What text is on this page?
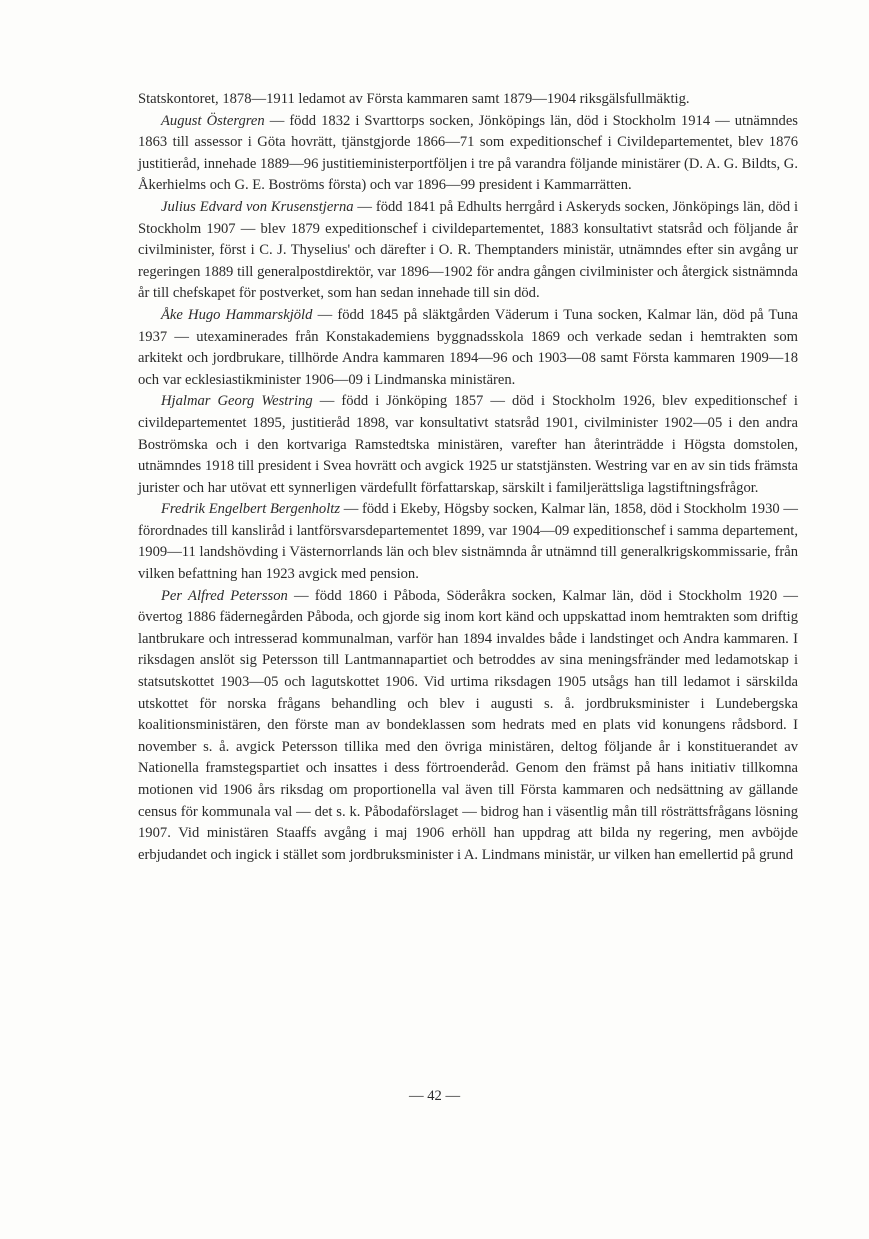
Statskontoret, 1878—1911 ledamot av Första kammaren samt 1879—1904 riksgälsfullmäktig.

August Östergren — född 1832 i Svarttorps socken, Jönköpings län, död i Stockholm 1914 — utnämndes 1863 till assessor i Göta hovrätt, tjänstgjorde 1866—71 som expeditionschef i Civildepartementet, blev 1876 justitieråd, innehade 1889—96 justitieministerportföljen i tre på varandra följande ministärer (D. A. G. Bildts, G. Åkerhielms och G. E. Boströms första) och var 1896—99 president i Kammarrätten.

Julius Edvard von Krusenstjerna — född 1841 på Edhults herrgård i Askeryds socken, Jönköpings län, död i Stockholm 1907 — blev 1879 expeditionschef i civildepartementet, 1883 konsultativt statsråd och följande år civilminister, först i C. J. Thyselius' och därefter i O. R. Themptanders ministär, utnämndes efter sin avgång ur regeringen 1889 till generalpostdirektör, var 1896—1902 för andra gången civilminister och återgick sistnämnda år till chefskapet för postverket, som han sedan innehade till sin död.

Åke Hugo Hammarskjöld — född 1845 på släktgården Väderum i Tuna socken, Kalmar län, död på Tuna 1937 — utexaminerades från Konstakademiens byggnadsskola 1869 och verkade sedan i hemtrakten som arkitekt och jordbrukare, tillhörde Andra kammaren 1894—96 och 1903—08 samt Första kammaren 1909—18 och var ecklesiastikminister 1906—09 i Lindmanska ministären.

Hjalmar Georg Westring — född i Jönköping 1857 — död i Stockholm 1926, blev expeditionschef i civildepartementet 1895, justitieråd 1898, var konsultativt statsråd 1901, civilminister 1902—05 i den andra Boströmska och i den kortvariga Ramstedtska ministären, varefter han återinträdde i Högsta domstolen, utnämndes 1918 till president i Svea hovrätt och avgick 1925 ur statstjänsten. Westring var en av sin tids främsta jurister och har utövat ett synnerligen värdefullt författarskap, särskilt i familjerättsliga lagstiftningsfrågor.

Fredrik Engelbert Bergenholtz — född i Ekeby, Högsby socken, Kalmar län, 1858, död i Stockholm 1930 — förordnades till kansliråd i lantförsvarsdepartementet 1899, var 1904—09 expeditionschef i samma departement, 1909—11 landshövding i Västernorrlands län och blev sistnämnda år utnämnd till generalkrigskommissarie, från vilken befattning han 1923 avgick med pension.

Per Alfred Petersson — född 1860 i Påboda, Söderåkra socken, Kalmar län, död i Stockholm 1920 — övertog 1886 fädernegården Påboda, och gjorde sig inom kort känd och uppskattad inom hemtrakten som driftig lantbrukare och intresserad kommunalman, varför han 1894 invaldes både i landstinget och Andra kammaren. I riksdagen anslöt sig Petersson till Lantmannapartiet och betroddes av sina meningsfränder med ledamotskap i statsutskottet 1903—05 och lagutskottet 1906. Vid urtima riksdagen 1905 utsågs han till ledamot i särskilda utskottet för norska frågans behandling och blev i augusti s. å. jordbruksminister i Lundebergska koalitionsministären, den förste man av bondeklassen som hedrats med en plats vid konungens rådsbord. I november s. å. avgick Petersson tillika med den övriga ministären, deltog följande år i konstituerandet av Nationella framstegspartiet och insattes i dess förtroenderåd. Genom den främst på hans initiativ tillkomna motionen vid 1906 års riksdag om proportionella val även till Första kammaren och nedsättning av gällande census för kommunala val — det s. k. Påbodaförslaget — bidrog han i väsentlig mån till rösträttsfrågans lösning 1907. Vid ministären Staaffs avgång i maj 1906 erhöll han uppdrag att bilda ny regering, men avböjde erbjudandet och ingick i stället som jordbruksminister i A. Lindmans ministär, ur vilken han emellertid på grund

— 42 —
